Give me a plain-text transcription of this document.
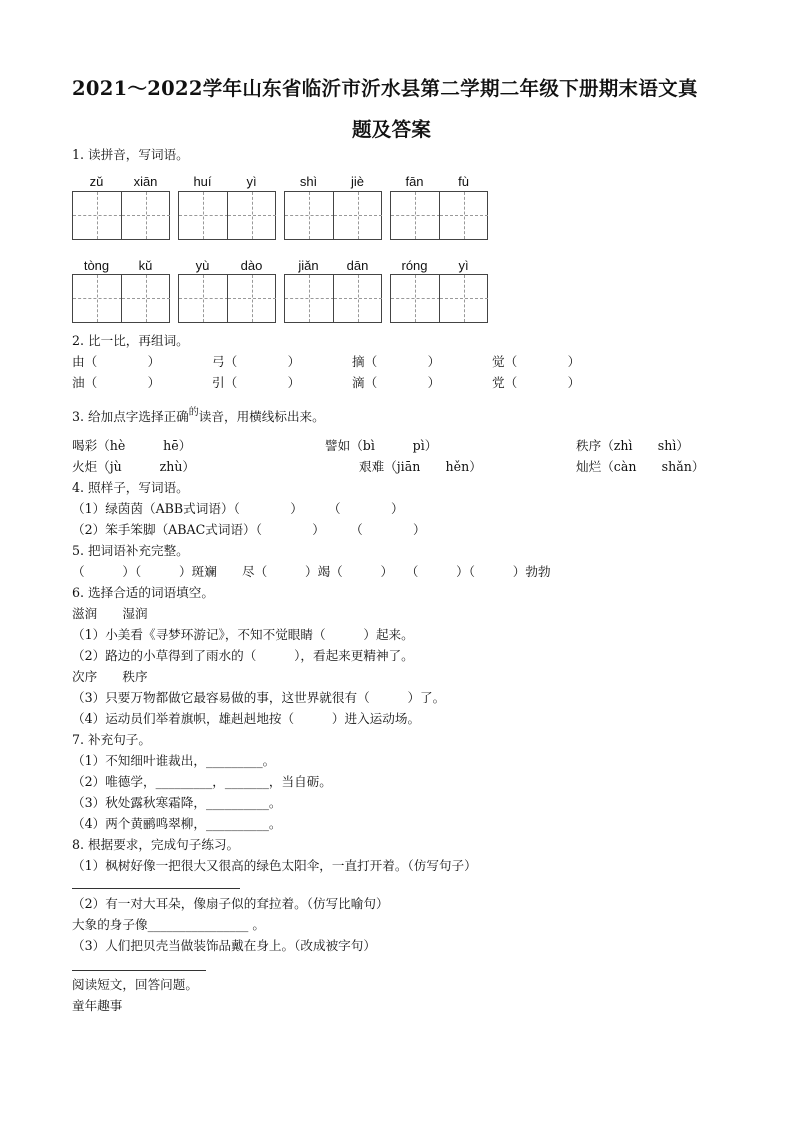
2021～2022学年山东省临沂市沂水县第二学期二年级下册期末语文真
题及答案
1. 读拼音，写词语。
zǔ	xiān	huí	yì	shì	jiè	fān	fù
tòng	kǔ	yù	dào	jiǎn	dān	róng	yì
2. 比一比，再组词。
由（　　　　）	弓（　　　　）	摘（　　　　）	觉（　　　　）
油（　　　　）	引（　　　　）	滴（　　　　）	党（　　　　）
3. 给加点字选择正确$^的$读音，用横线标出来。
喝彩（hè　　　hē）	譬如（bì　　　pì）	秩序（zhì　　shì）
火炬（jù　　　zhù）	艰难（jiān　　hěn）	灿烂（càn　　shǎn）
4. 照样子，写词语。
（1）绿茵茵（ABB式词语）（　　　　）　　　（　　　　）
（2）笨手笨脚（ABAC式词语）（　　　　）　　　（　　　　）
5. 把词语补充完整。
（　　　）（　　　）斑斓　　尽（　　　）竭（　　　）　　（　　　）（　　　）勃勃
6. 选择合适的词语填空。
滋润　　湿润
（1）小美看《寻梦环游记》，不知不觉眼睛（　　　）起来。
（2）路边的小草得到了雨水的（　　　），看起来更精神了。
次序　　秩序
（3）只要万物都做它最容易做的事，这世界就很有（　　　）了。
（4）运动员们举着旗帜，雄赳赳地按（　　　）进入运动场。
7. 补充句子。
（1）不知细叶谁裁出，_________。
（2）唯德学，_________，_______，当自砺。
（3）秋处露秋寒霜降，__________。
（4）两个黄鹂鸣翠柳，__________。
8. 根据要求，完成句子练习。
（1）枫树好像一把很大又很高的绿色太阳伞，一直打开着。（仿写句子）
（2）有一对大耳朵，像扇子似的耷拉着。（仿写比喻句）
大象的身子像________________ 。
（3）人们把贝壳当做装饰品戴在身上。（改成被字句）
阅读短文，回答问题。
童年趣事
